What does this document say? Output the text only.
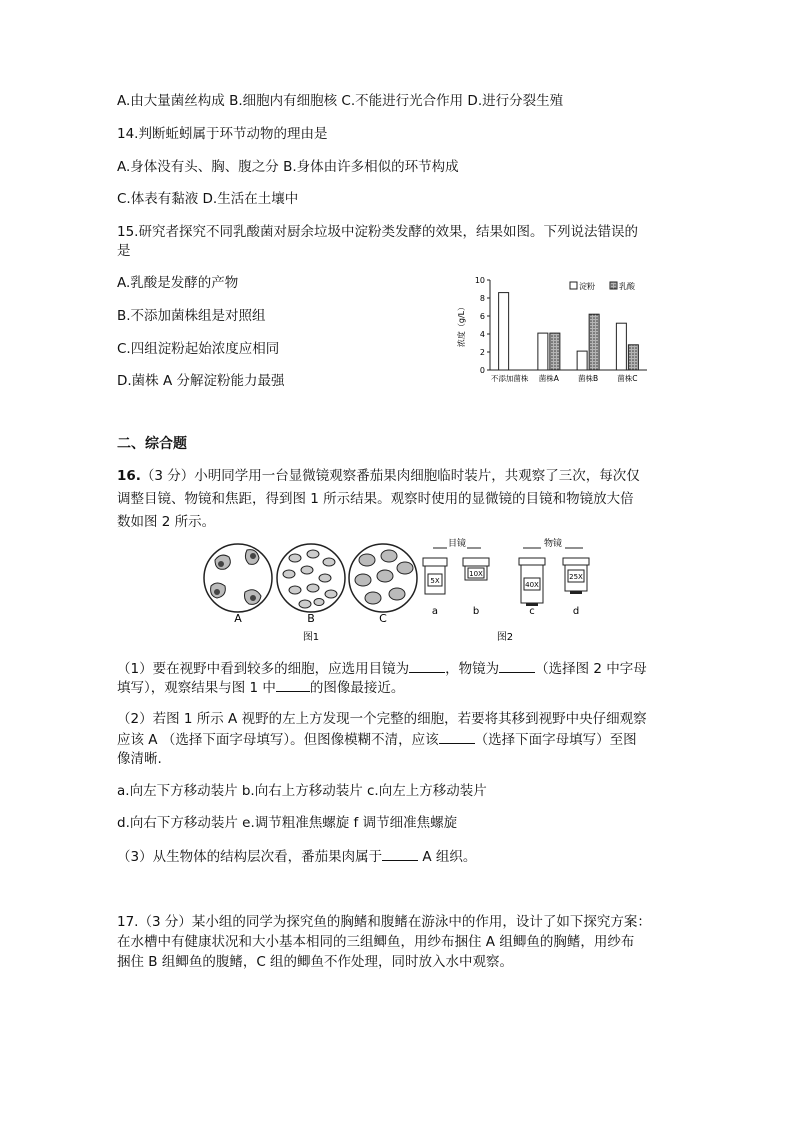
A.由大量菌丝构成 B.细胞内有细胞核 C.不能进行光合作用 D.进行分裂生殖
14.判断蚯蚓属于环节动物的理由是
A.身体没有头、胸、腹之分 B.身体由许多相似的环节构成
C.体表有黏液 D.生活在土壤中
15.研究者探究不同乳酸菌对厨余垃圾中淀粉类发酵的效果，结果如图。下列说法错误的
是
A.乳酸是发酵的产物
B.不添加菌株组是对照组
C.四组淀粉起始浓度应相同
D.菌株 A 分解淀粉能力最强
0
2
4
6
8
10
浓度（g/L）
不添加菌株 菌株A	菌株B	菌株C
淀粉	乳酸
二、综合题
16.（3 分）小明同学用一台显微镜观察番茄果肉细胞临时装片，共观察了三次，每次仅
调整目镜、物镜和焦距，得到图 1 所示结果。观察时使用的显微镜的目镜和物镜放大倍
数如图 2 所示。
A	B	C
图1
目镜
5X
10X
物镜
40X
25X
a	b	c	d
图2
（1）要在视野中看到较多的细胞，应选用目镜为	，物镜为	（选择图 2 中字母
填写），观察结果与图 1 中	的图像最接近。
（2）若图 1 所示 A 视野的左上方发现一个完整的细胞，若要将其移到视野中央仔细观察
应该 A （选择下面字母填写）。但图像模糊不清，应该	（选择下面字母填写）至图
像清晰.
a.向左下方移动装片 b.向右上方移动装片 c.向左上方移动装片
d.向右下方移动装片 e.调节粗准焦螺旋 f 调节细准焦螺旋
（3）从生物体的结构层次看，番茄果肉属于	A 组织。
17.（3 分）某小组的同学为探究鱼的胸鳍和腹鳍在游泳中的作用，设计了如下探究方案：
在水槽中有健康状况和大小基本相同的三组鲫鱼，用纱布捆住 A 组鲫鱼的胸鳍，用纱布
捆住 B 组鲫鱼的腹鳍，C 组的鲫鱼不作处理，同时放入水中观察。
